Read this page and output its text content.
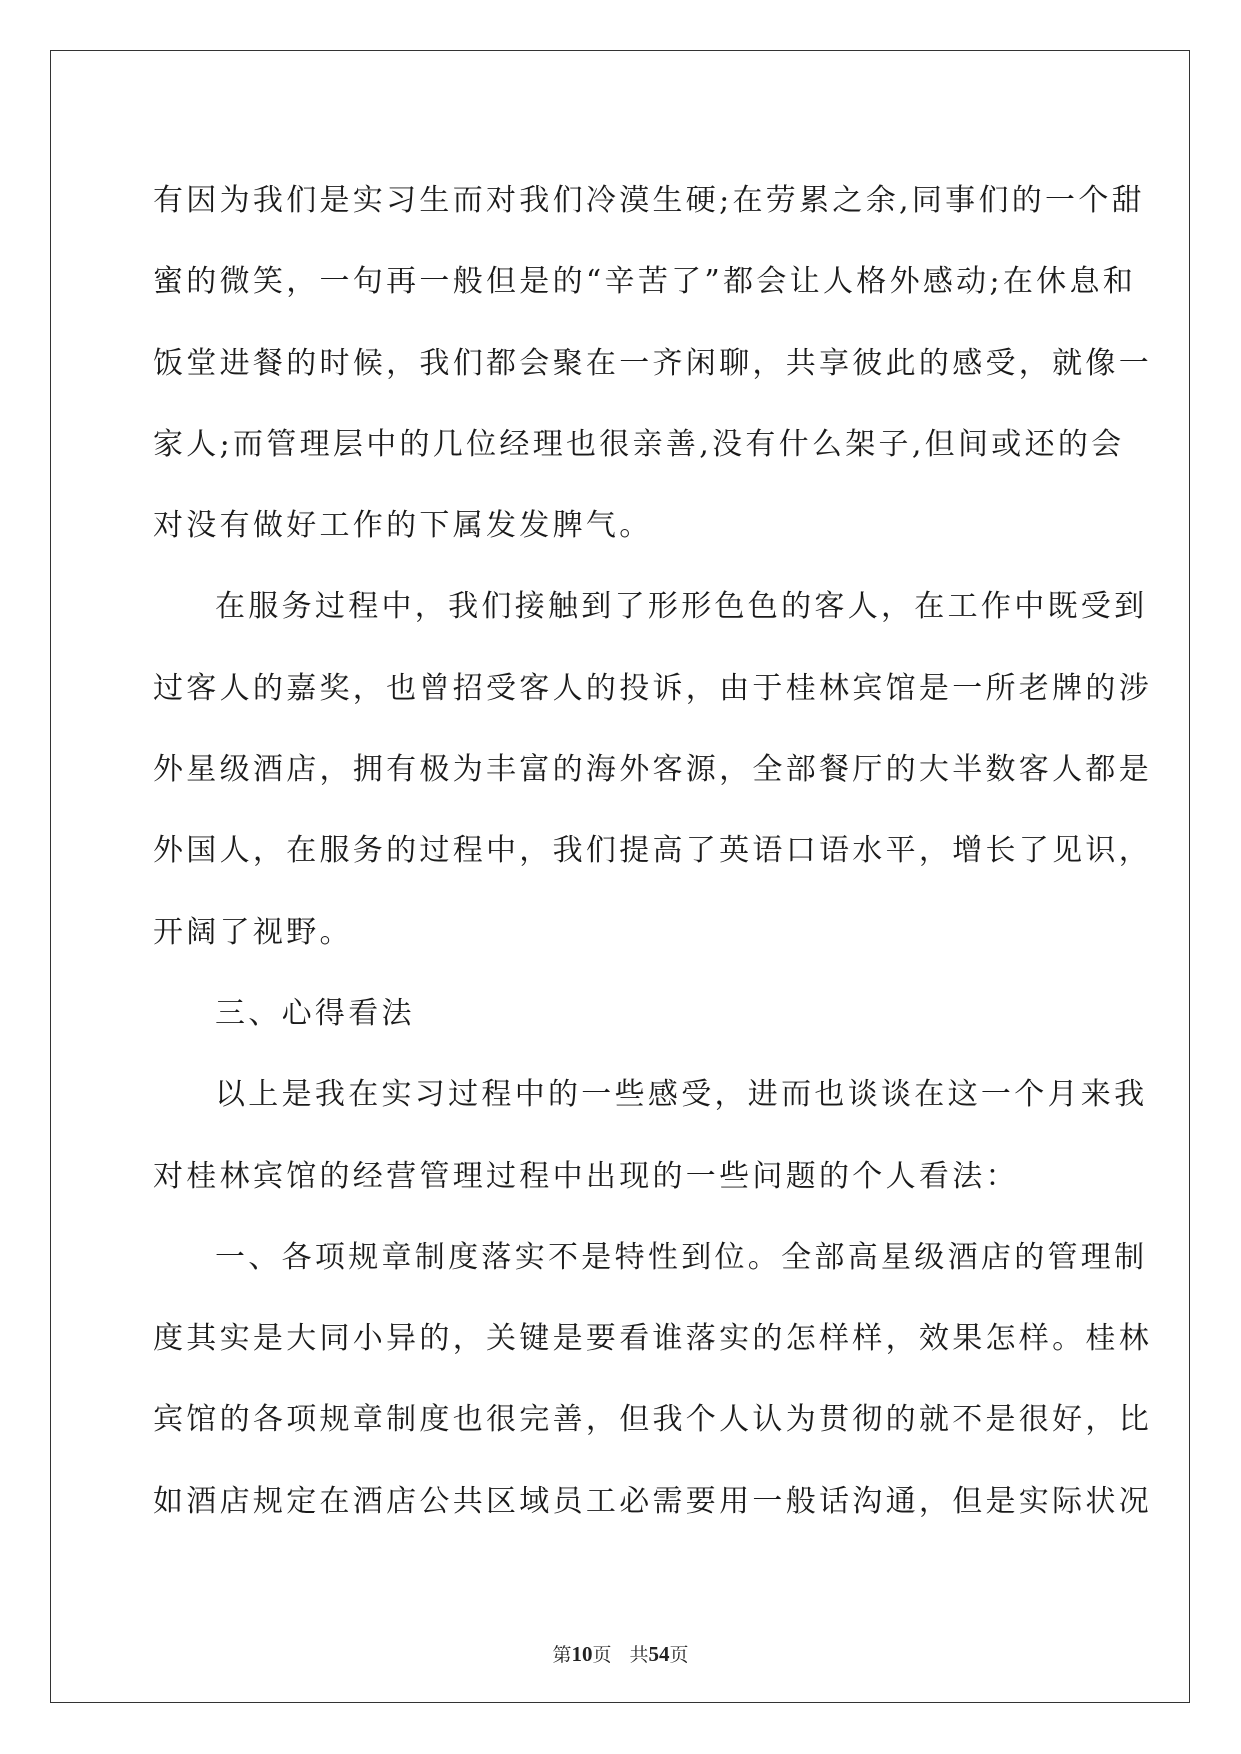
有因为我们是实习生而对我们冷漠生硬;在劳累之余,同事们的一个甜
蜜的微笑，一句再一般但是的“辛苦了”都会让人格外感动;在休息和
饭堂进餐的时候，我们都会聚在一齐闲聊，共享彼此的感受，就像一
家人;而管理层中的几位经理也很亲善,没有什么架子,但间或还的会
对没有做好工作的下属发发脾气。
在服务过程中，我们接触到了形形色色的客人，在工作中既受到
过客人的嘉奖，也曾招受客人的投诉，由于桂林宾馆是一所老牌的涉
外星级酒店，拥有极为丰富的海外客源，全部餐厅的大半数客人都是
外国人，在服务的过程中，我们提高了英语口语水平，增长了见识，
开阔了视野。
三、心得看法
以上是我在实习过程中的一些感受，进而也谈谈在这一个月来我
对桂林宾馆的经营管理过程中出现的一些问题的个人看法：
一、各项规章制度落实不是特性到位。全部高星级酒店的管理制
度其实是大同小异的，关键是要看谁落实的怎样样，效果怎样。桂林
宾馆的各项规章制度也很完善，但我个人认为贯彻的就不是很好，比
如酒店规定在酒店公共区域员工必需要用一般话沟通，但是实际状况
第10页 共54页
